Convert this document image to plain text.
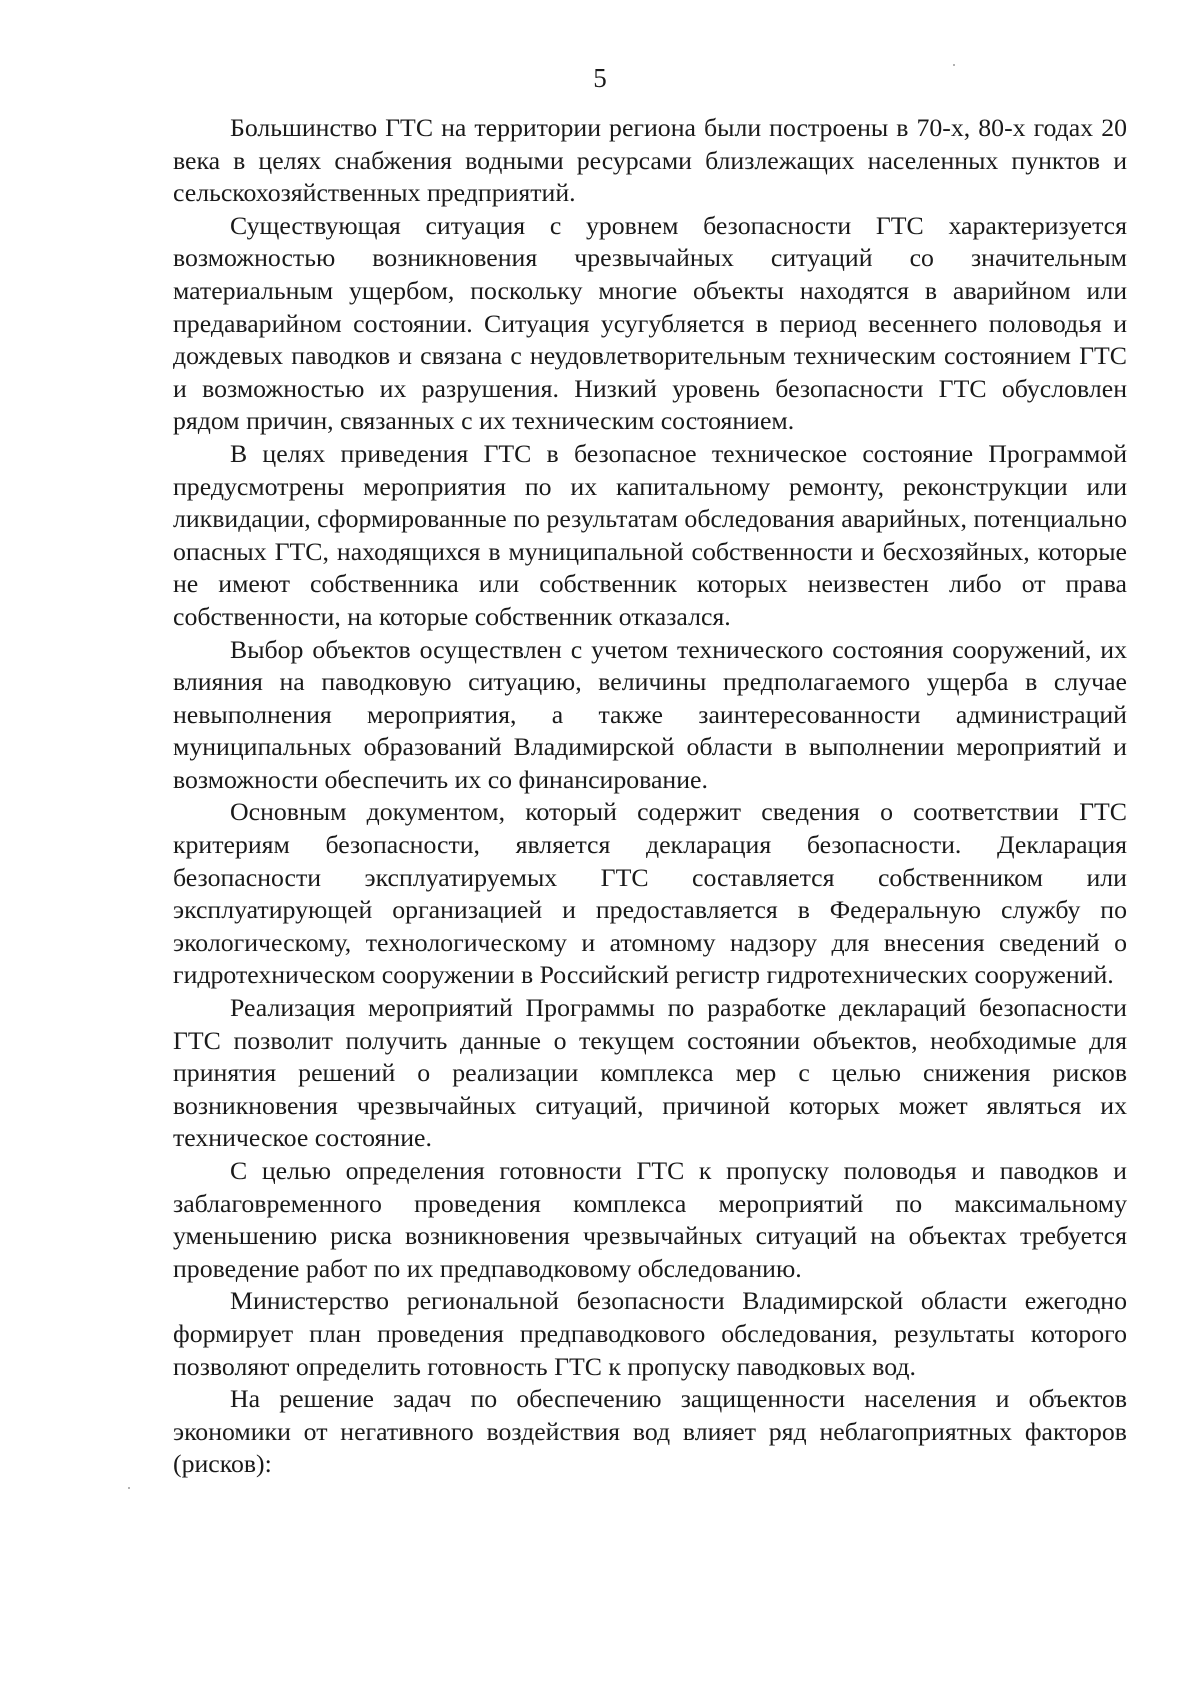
5

Большинство ГТС на территории региона были построены в 70-х, 80-х годах 20 века в целях снабжения водными ресурсами близлежащих населенных пунктов и сельскохозяйственных предприятий.

Существующая ситуация с уровнем безопасности ГТС характеризуется возможностью возникновения чрезвычайных ситуаций со значительным материальным ущербом, поскольку многие объекты находятся в аварийном или предаварийном состоянии. Ситуация усугубляется в период весеннего половодья и дождевых паводков и связана с неудовлетворительным техническим состоянием ГТС и возможностью их разрушения. Низкий уровень безопасности ГТС обусловлен рядом причин, связанных с их техническим состоянием.

В целях приведения ГТС в безопасное техническое состояние Программой предусмотрены мероприятия по их капитальному ремонту, реконструкции или ликвидации, сформированные по результатам обследования аварийных, потенциально опасных ГТС, находящихся в муниципальной собственности и бесхозяйных, которые не имеют собственника или собственник которых неизвестен либо от права собственности, на которые собственник отказался.

Выбор объектов осуществлен с учетом технического состояния сооружений, их влияния на паводковую ситуацию, величины предполагаемого ущерба в случае невыполнения мероприятия, а также заинтересованности администраций муниципальных образований Владимирской области в выполнении мероприятий и возможности обеспечить их со финансирование.

Основным документом, который содержит сведения о соответствии ГТС критериям безопасности, является декларация безопасности. Декларация безопасности эксплуатируемых ГТС составляется собственником или эксплуатирующей организацией и предоставляется в Федеральную службу по экологическому, технологическому и атомному надзору для внесения сведений о гидротехническом сооружении в Российский регистр гидротехнических сооружений.

Реализация мероприятий Программы по разработке деклараций безопасности ГТС позволит получить данные о текущем состоянии объектов, необходимые для принятия решений о реализации комплекса мер с целью снижения рисков возникновения чрезвычайных ситуаций, причиной которых может являться их техническое состояние.

С целью определения готовности ГТС к пропуску половодья и паводков и заблаговременного проведения комплекса мероприятий по максимальному уменьшению риска возникновения чрезвычайных ситуаций на объектах требуется проведение работ по их предпаводковому обследованию.

Министерство региональной безопасности Владимирской области ежегодно формирует план проведения предпаводкового обследования, результаты которого позволяют определить готовность ГТС к пропуску паводковых вод.

На решение задач по обеспечению защищенности населения и объектов экономики от негативного воздействия вод влияет ряд неблагоприятных факторов (рисков):
